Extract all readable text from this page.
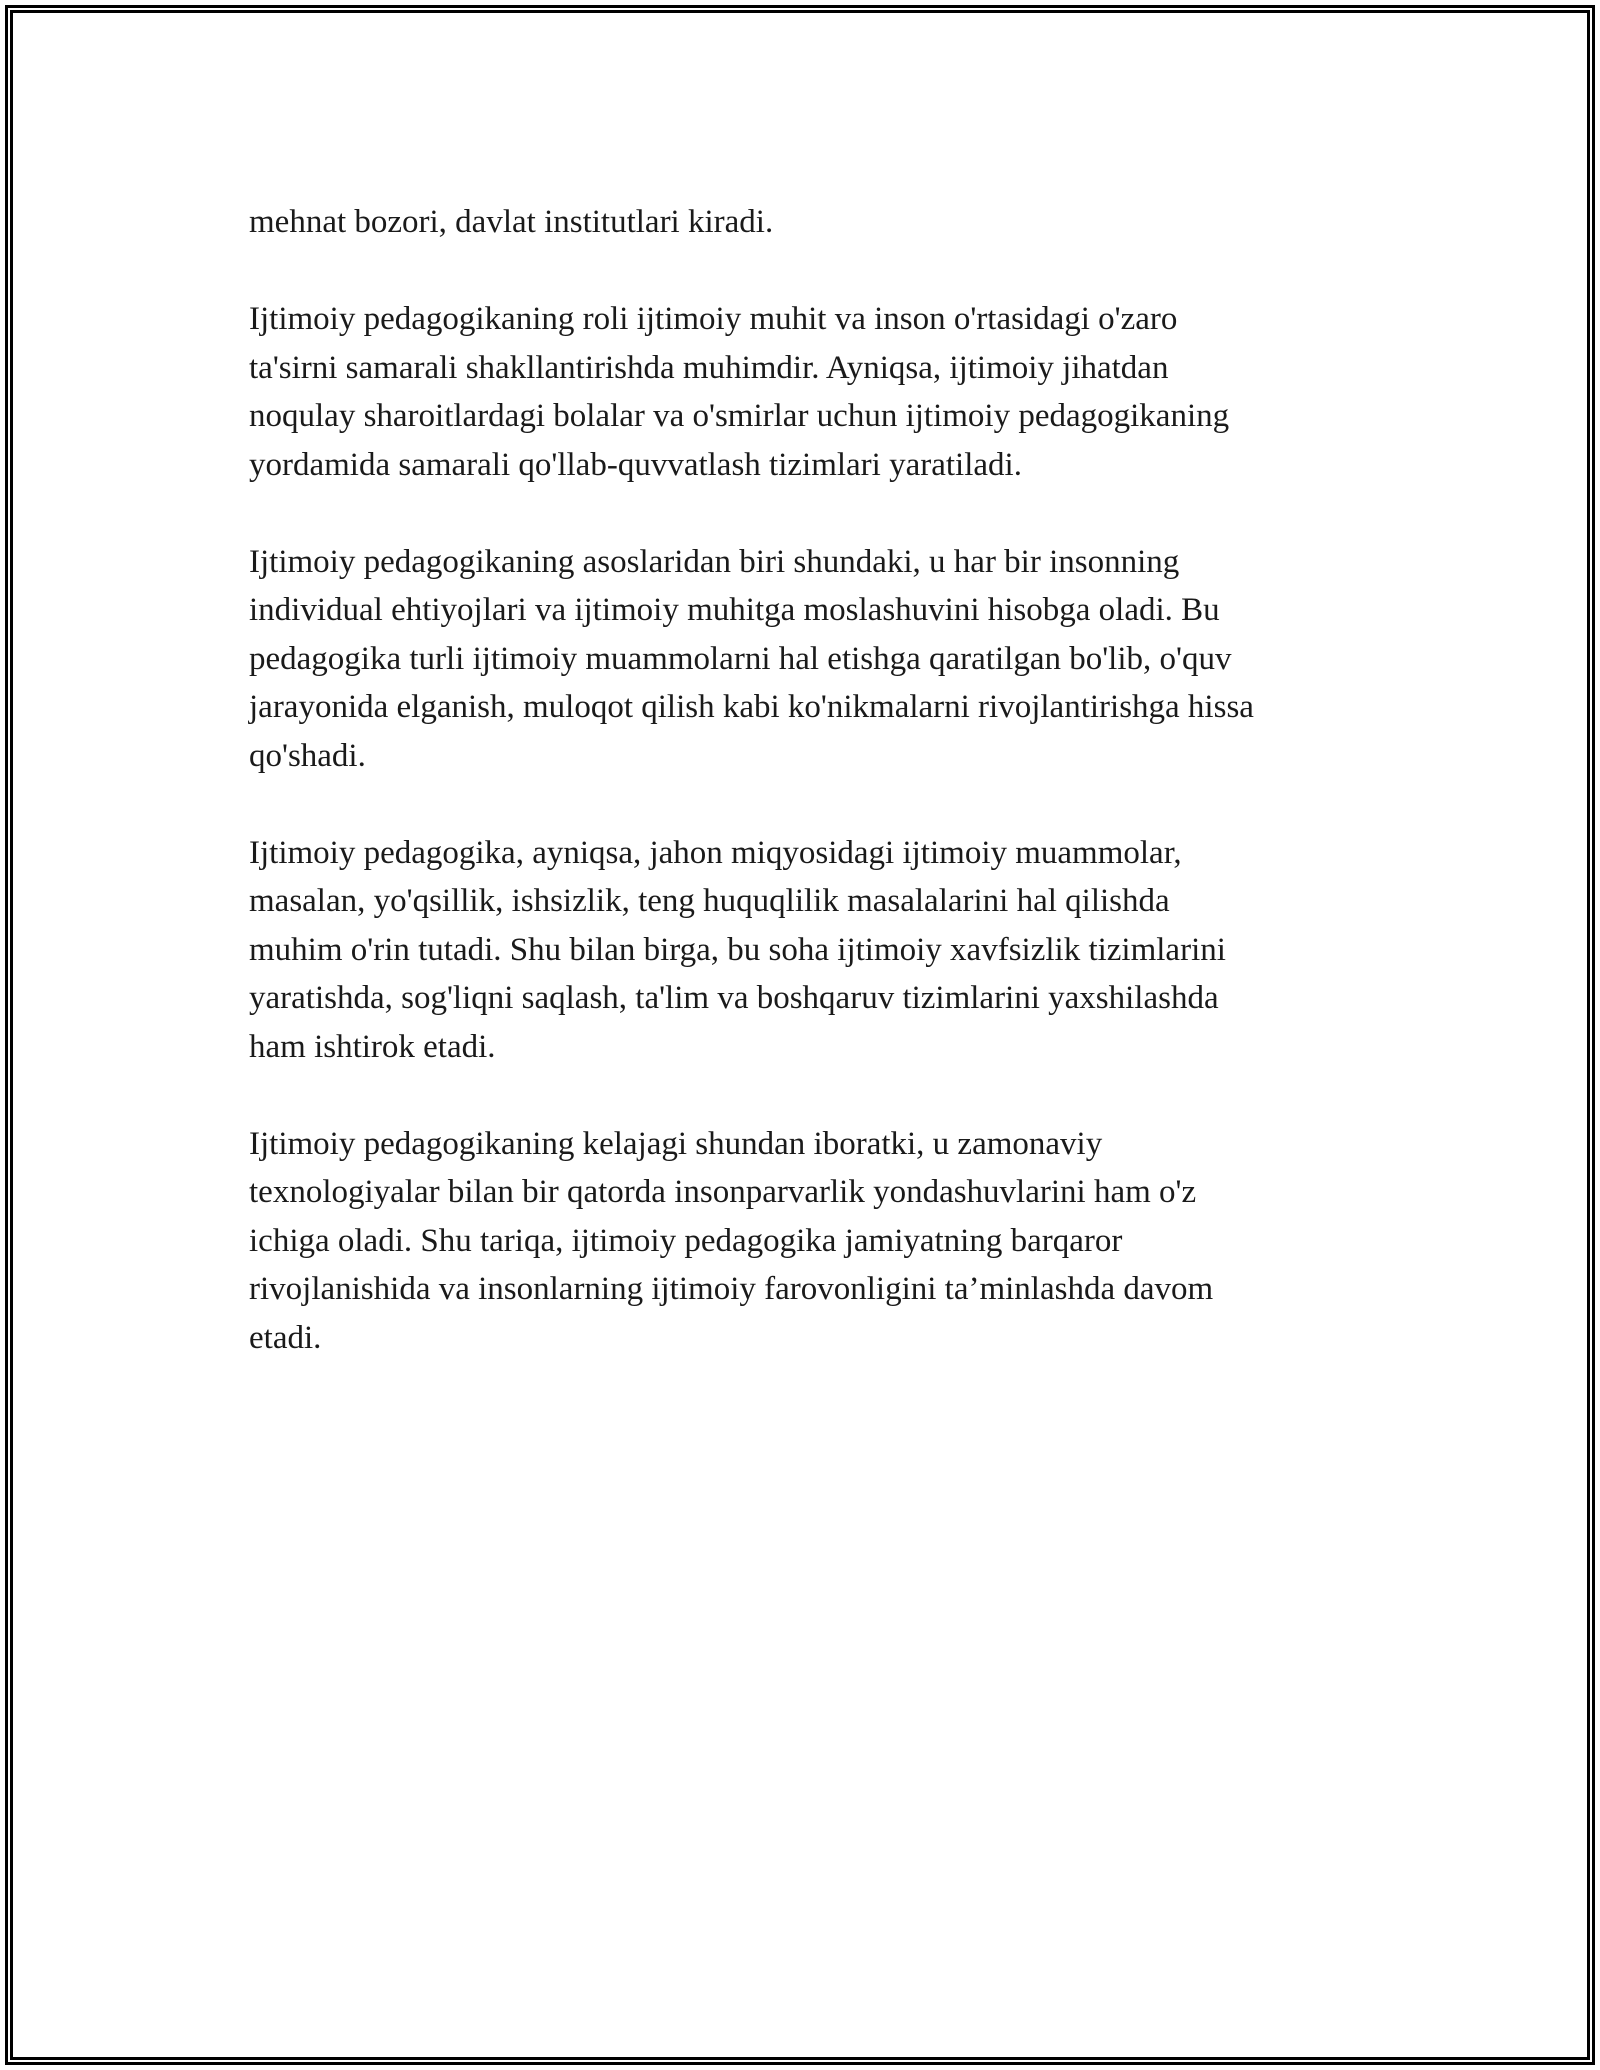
mehnat bozori, davlat institutlari kiradi.

Ijtimoiy pedagogikaning roli ijtimoiy muhit va inson o'rtasidagi o'zaro
ta'sirni samarali shakllantirishda muhimdir. Ayniqsa, ijtimoiy jihatdan
noqulay sharoitlardagi bolalar va o'smirlar uchun ijtimoiy pedagogikaning
yordamida samarali qo'llab-quvvatlash tizimlari yaratiladi.

Ijtimoiy pedagogikaning asoslaridan biri shundaki, u har bir insonning
individual ehtiyojlari va ijtimoiy muhitga moslashuvini hisobga oladi. Bu
pedagogika turli ijtimoiy muammolarni hal etishga qaratilgan bo'lib, o'quv
jarayonida elganish, muloqot qilish kabi ko'nikmalarni rivojlantirishga hissa
qo'shadi.

Ijtimoiy pedagogika, ayniqsa, jahon miqyosidagi ijtimoiy muammolar,
masalan, yo'qsillik, ishsizlik, teng huquqlilik masalalarini hal qilishda
muhim o'rin tutadi. Shu bilan birga, bu soha ijtimoiy xavfsizlik tizimlarini
yaratishda, sog'liqni saqlash, ta'lim va boshqaruv tizimlarini yaxshilashda
ham ishtirok etadi.

Ijtimoiy pedagogikaning kelajagi shundan iboratki, u zamonaviy
texnologiyalar bilan bir qatorda insonparvarlik yondashuvlarini ham o'z
ichiga oladi. Shu tariqa, ijtimoiy pedagogika jamiyatning barqaror
rivojlanishida va insonlarning ijtimoiy farovonligini ta’minlashda davom
etadi.
